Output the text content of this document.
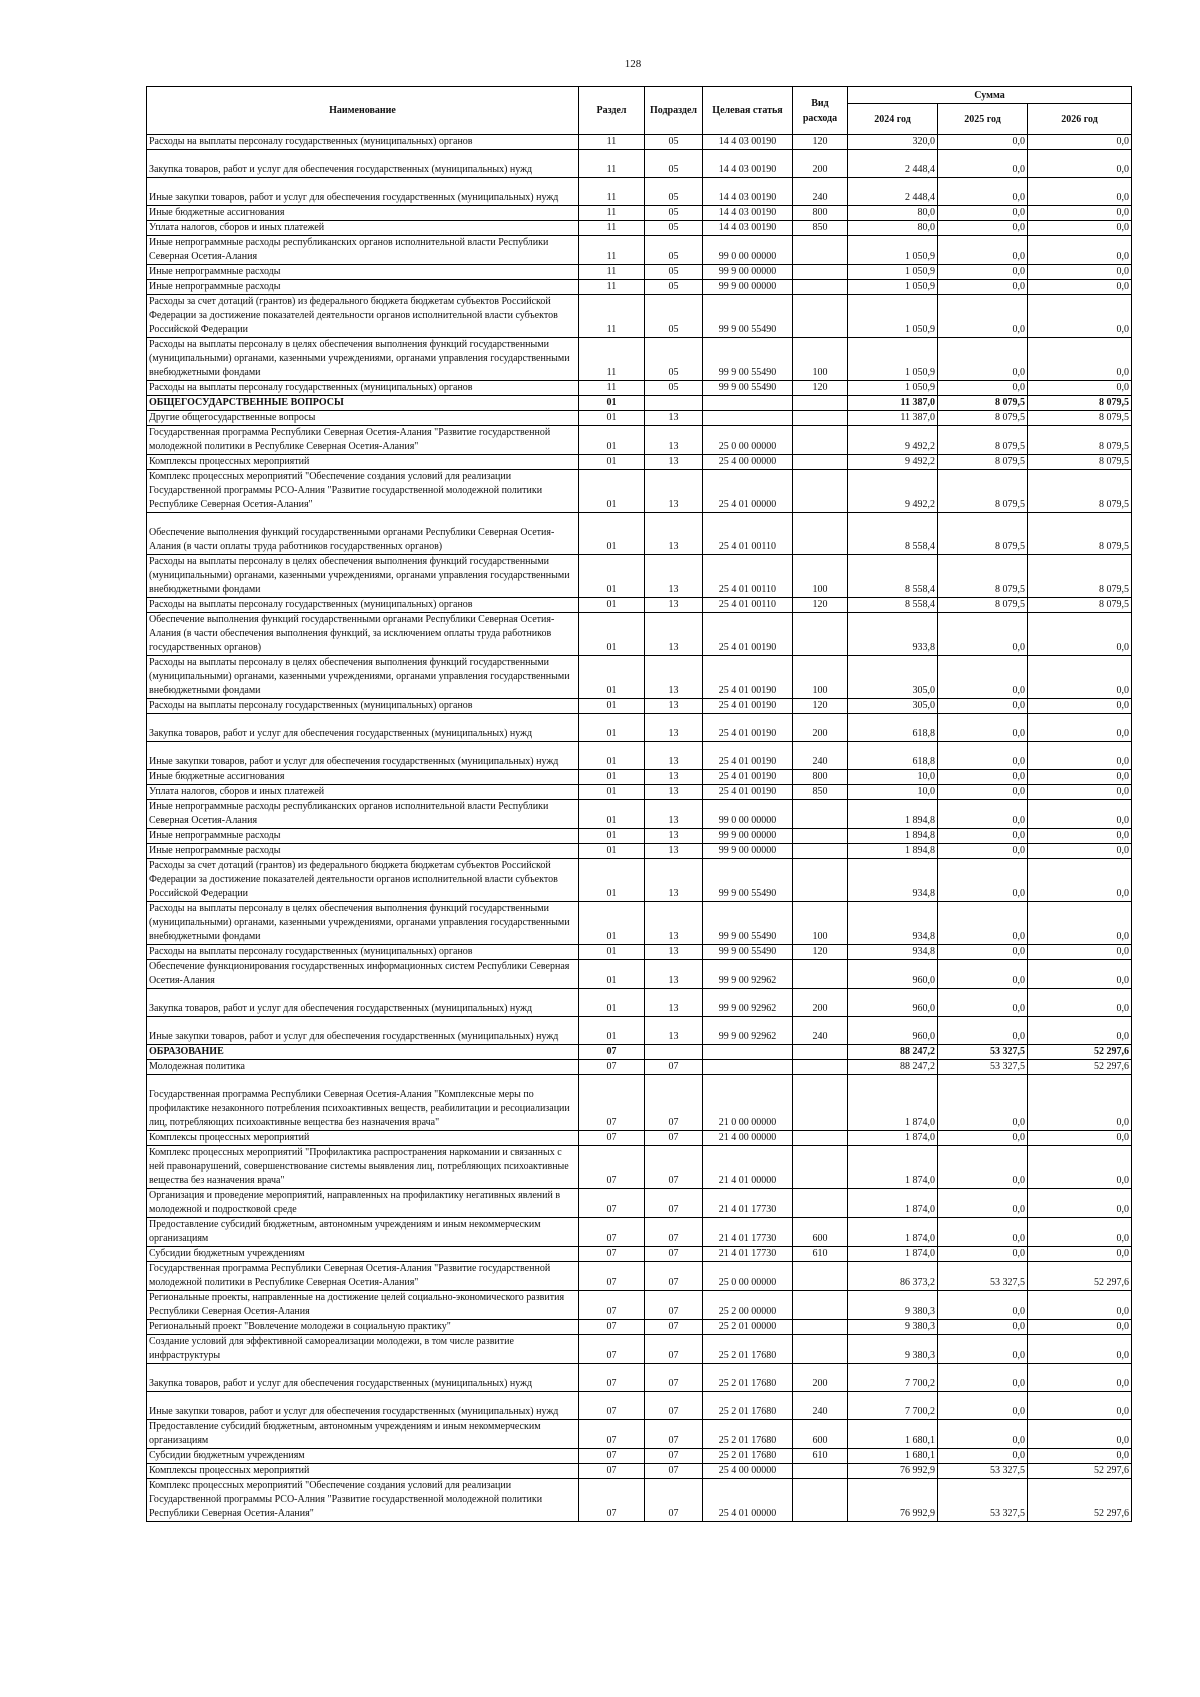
128
Наименование	Раздел	Подраздел	Целевая статья	Вид расхода	Сумма		
					2024 год	2025 год	2026 год
Расходы на выплаты персоналу государственных (муниципальных) органов	11	05	14 4 03 00190	120	320,0	0,0	0,0
Закупка товаров, работ и услуг для обеспечения государственных (муниципальных) нужд	11	05	14 4 03 00190	200	2 448,4	0,0	0,0
Иные закупки товаров, работ и услуг для обеспечения государственных (муниципальных) нужд	11	05	14 4 03 00190	240	2 448,4	0,0	0,0
Иные бюджетные ассигнования	11	05	14 4 03 00190	800	80,0	0,0	0,0
Уплата налогов, сборов и иных платежей	11	05	14 4 03 00190	850	80,0	0,0	0,0
Иные непрограммные расходы республиканских органов исполнительной власти Республики Северная Осетия-Алания	11	05	99 0 00 00000		1 050,9	0,0	0,0
Иные непрограммные расходы	11	05	99 9 00 00000		1 050,9	0,0	0,0
Иные непрограммные расходы	11	05	99 9 00 00000		1 050,9	0,0	0,0
Расходы за счет дотаций (грантов) из федерального бюджета бюджетам субъектов Российской Федерации за достижение показателей деятельности органов исполнительной власти субъектов Российской Федерации	11	05	99 9 00 55490		1 050,9	0,0	0,0
Расходы на выплаты персоналу в целях обеспечения выполнения функций государственными (муниципальными) органами, казенными учреждениями, органами управления государственными внебюджетными фондами	11	05	99 9 00 55490	100	1 050,9	0,0	0,0
Расходы на выплаты персоналу государственных (муниципальных) органов	11	05	99 9 00 55490	120	1 050,9	0,0	0,0
ОБЩЕГОСУДАРСТВЕННЫЕ ВОПРОСЫ	01				11 387,0	8 079,5	8 079,5
Другие общегосударственные вопросы	01	13			11 387,0	8 079,5	8 079,5
Государственная программа Республики Северная Осетия-Алания "Развитие государственной молодежной политики в Республике Северная Осетия-Алания"	01	13	25 0 00 00000		9 492,2	8 079,5	8 079,5
Комплексы процессных мероприятий	01	13	25 4 00 00000		9 492,2	8 079,5	8 079,5
Комплекс процессных мероприятий "Обеспечение создания условий для реализации Государственной программы РСО-Алния "Развитие государственной молодежной политики Республике Северная Осетия-Алания"	01	13	25 4 01 00000		9 492,2	8 079,5	8 079,5
Обеспечение выполнения функций государственными органами Республики Северная Осетия-Алания (в части оплаты труда работников государственных органов)	01	13	25 4 01 00110		8 558,4	8 079,5	8 079,5
Расходы на выплаты персоналу в целях обеспечения выполнения функций государственными (муниципальными) органами, казенными учреждениями, органами управления государственными внебюджетными фондами	01	13	25 4 01 00110	100	8 558,4	8 079,5	8 079,5
Расходы на выплаты персоналу государственных (муниципальных) органов	01	13	25 4 01 00110	120	8 558,4	8 079,5	8 079,5
Обеспечение выполнения функций государственными органами Республики Северная Осетия-Алания (в части обеспечения выполнения функций, за исключением оплаты труда работников государственных органов)	01	13	25 4 01 00190		933,8	0,0	0,0
Расходы на выплаты персоналу в целях обеспечения выполнения функций государственными (муниципальными) органами, казенными учреждениями, органами управления государственными внебюджетными фондами	01	13	25 4 01 00190	100	305,0	0,0	0,0
Расходы на выплаты персоналу государственных (муниципальных) органов	01	13	25 4 01 00190	120	305,0	0,0	0,0
Закупка товаров, работ и услуг для обеспечения государственных (муниципальных) нужд	01	13	25 4 01 00190	200	618,8	0,0	0,0
Иные закупки товаров, работ и услуг для обеспечения государственных (муниципальных) нужд	01	13	25 4 01 00190	240	618,8	0,0	0,0
Иные бюджетные ассигнования	01	13	25 4 01 00190	800	10,0	0,0	0,0
Уплата налогов, сборов и иных платежей	01	13	25 4 01 00190	850	10,0	0,0	0,0
Иные непрограммные расходы республиканских органов исполнительной власти Республики Северная Осетия-Алания	01	13	99 0 00 00000		1 894,8	0,0	0,0
Иные непрограммные расходы	01	13	99 9 00 00000		1 894,8	0,0	0,0
Иные непрограммные расходы	01	13	99 9 00 00000		1 894,8	0,0	0,0
Расходы за счет дотаций (грантов) из федерального бюджета бюджетам субъектов Российской Федерации за достижение показателей деятельности органов исполнительной власти субъектов Российской Федерации	01	13	99 9 00 55490		934,8	0,0	0,0
Расходы на выплаты персоналу в целях обеспечения выполнения функций государственными (муниципальными) органами, казенными учреждениями, органами управления государственными внебюджетными фондами	01	13	99 9 00 55490	100	934,8	0,0	0,0
Расходы на выплаты персоналу государственных (муниципальных) органов	01	13	99 9 00 55490	120	934,8	0,0	0,0
Обеспечение функционирования государственных информационных систем Республики Северная Осетия-Алания	01	13	99 9 00 92962		960,0	0,0	0,0
Закупка товаров, работ и услуг для обеспечения государственных (муниципальных) нужд	01	13	99 9 00 92962	200	960,0	0,0	0,0
Иные закупки товаров, работ и услуг для обеспечения государственных (муниципальных) нужд	01	13	99 9 00 92962	240	960,0	0,0	0,0
ОБРАЗОВАНИЕ	07				88 247,2	53 327,5	52 297,6
Молодежная политика	07	07			88 247,2	53 327,5	52 297,6
Государственная программа Республики Северная Осетия-Алания "Комплексные меры по профилактике незаконного потребления психоактивных веществ, реабилитации и ресоциализации лиц, потребляющих психоактивные вещества без назначения врача"	07	07	21 0 00 00000		1 874,0	0,0	0,0
Комплексы процессных мероприятий	07	07	21 4 00 00000		1 874,0	0,0	0,0
Комплекс процессных мероприятий "Профилактика распространения наркомании и связанных с ней правонарушений, совершенствование системы выявления лиц, потребляющих психоактивные вещества без назначения врача"	07	07	21 4 01 00000		1 874,0	0,0	0,0
Организация и проведение мероприятий, направленных на профилактику негативных явлений в молодежной и подростковой среде	07	07	21 4 01 17730		1 874,0	0,0	0,0
Предоставление субсидий бюджетным, автономным учреждениям и иным некоммерческим организациям	07	07	21 4 01 17730	600	1 874,0	0,0	0,0
Субсидии бюджетным учреждениям	07	07	21 4 01 17730	610	1 874,0	0,0	0,0
Государственная программа Республики Северная Осетия-Алания "Развитие государственной молодежной политики в Республике Северная Осетия-Алания"	07	07	25 0 00 00000		86 373,2	53 327,5	52 297,6
Региональные проекты, направленные на достижение целей социально-экономического развития Республики Северная Осетия-Алания	07	07	25 2 00 00000		9 380,3	0,0	0,0
Региональный проект "Вовлечение молодежи в социальную практику"	07	07	25 2 01 00000		9 380,3	0,0	0,0
Создание условий для эффективной самореализации молодежи, в том числе развитие инфраструктуры	07	07	25 2 01 17680		9 380,3	0,0	0,0
Закупка товаров, работ и услуг для обеспечения государственных (муниципальных) нужд	07	07	25 2 01 17680	200	7 700,2	0,0	0,0
Иные закупки товаров, работ и услуг для обеспечения государственных (муниципальных) нужд	07	07	25 2 01 17680	240	7 700,2	0,0	0,0
Предоставление субсидий бюджетным, автономным учреждениям и иным некоммерческим организациям	07	07	25 2 01 17680	600	1 680,1	0,0	0,0
Субсидии бюджетным учреждениям	07	07	25 2 01 17680	610	1 680,1	0,0	0,0
Комплексы процессных мероприятий	07	07	25 4 00 00000		76 992,9	53 327,5	52 297,6
Комплекс процессных мероприятий "Обеспечение создания условий для реализации Государственной программы РСО-Алния "Развитие государственной молодежной политики Республики Северная Осетия-Алания"	07	07	25 4 01 00000		76 992,9	53 327,5	52 297,6
